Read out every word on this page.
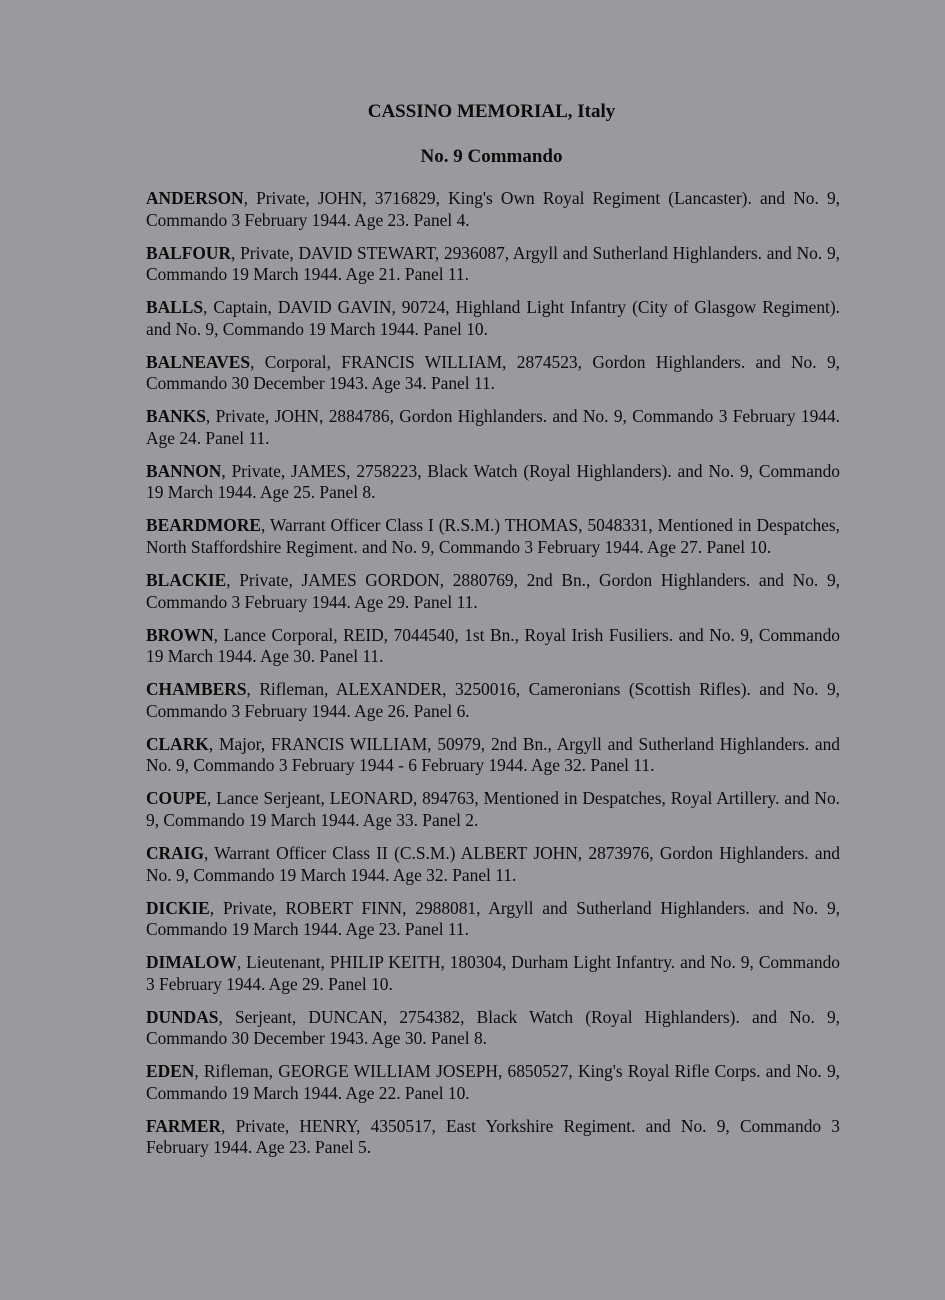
CASSINO MEMORIAL, Italy
No. 9 Commando

ANDERSON, Private, JOHN, 3716829, King's Own Royal Regiment (Lancaster). and No. 9, Commando 3 February 1944. Age 23. Panel 4.

BALFOUR, Private, DAVID STEWART, 2936087, Argyll and Sutherland Highlanders. and No. 9, Commando 19 March 1944. Age 21. Panel 11.

BALLS, Captain, DAVID GAVIN, 90724, Highland Light Infantry (City of Glasgow Regiment). and No. 9, Commando 19 March 1944. Panel 10.

BALNEAVES, Corporal, FRANCIS WILLIAM, 2874523, Gordon Highlanders. and No. 9, Commando 30 December 1943. Age 34. Panel 11.

BANKS, Private, JOHN, 2884786, Gordon Highlanders. and No. 9, Commando 3 February 1944. Age 24. Panel 11.

BANNON, Private, JAMES, 2758223, Black Watch (Royal Highlanders). and No. 9, Commando 19 March 1944. Age 25. Panel 8.

BEARDMORE, Warrant Officer Class I (R.S.M.) THOMAS, 5048331, Mentioned in Despatches, North Staffordshire Regiment. and No. 9, Commando 3 February 1944. Age 27. Panel 10.

BLACKIE, Private, JAMES GORDON, 2880769, 2nd Bn., Gordon Highlanders. and No. 9, Commando 3 February 1944. Age 29. Panel 11.

BROWN, Lance Corporal, REID, 7044540, 1st Bn., Royal Irish Fusiliers. and No. 9, Commando 19 March 1944. Age 30. Panel 11.

CHAMBERS, Rifleman, ALEXANDER, 3250016, Cameronians (Scottish Rifles). and No. 9, Commando 3 February 1944. Age 26. Panel 6.

CLARK, Major, FRANCIS WILLIAM, 50979, 2nd Bn., Argyll and Sutherland Highlanders. and No. 9, Commando 3 February 1944 - 6 February 1944. Age 32. Panel 11.

COUPE, Lance Serjeant, LEONARD, 894763, Mentioned in Despatches, Royal Artillery. and No. 9, Commando 19 March 1944. Age 33. Panel 2.

CRAIG, Warrant Officer Class II (C.S.M.) ALBERT JOHN, 2873976, Gordon Highlanders. and No. 9, Commando 19 March 1944. Age 32. Panel 11.

DICKIE, Private, ROBERT FINN, 2988081, Argyll and Sutherland Highlanders. and No. 9, Commando 19 March 1944. Age 23. Panel 11.

DIMALOW, Lieutenant, PHILIP KEITH, 180304, Durham Light Infantry. and No. 9, Commando 3 February 1944. Age 29. Panel 10.

DUNDAS, Serjeant, DUNCAN, 2754382, Black Watch (Royal Highlanders). and No. 9, Commando 30 December 1943. Age 30. Panel 8.

EDEN, Rifleman, GEORGE WILLIAM JOSEPH, 6850527, King's Royal Rifle Corps. and No. 9, Commando 19 March 1944. Age 22. Panel 10.

FARMER, Private, HENRY, 4350517, East Yorkshire Regiment. and No. 9, Commando 3 February 1944. Age 23. Panel 5.
